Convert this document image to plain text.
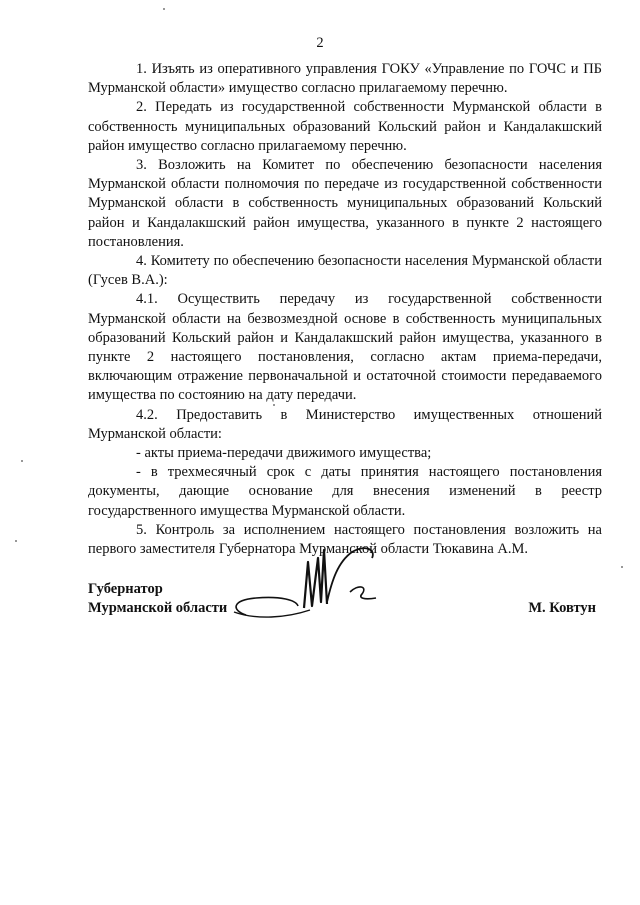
2

1. Изъять из оперативного управления ГОКУ «Управление по ГОЧС и ПБ Мурманской области» имущество согласно прилагаемому перечню.

2. Передать из государственной собственности Мурманской области в собственность муниципальных образований Кольский район и Кандалакшский район имущество согласно прилагаемому перечню.

3. Возложить на Комитет по обеспечению безопасности населения Мурманской области полномочия по передаче из государственной собственности Мурманской области в собственность муниципальных образований Кольский район и Кандалакшский район имущества, указанного в пункте 2 настоящего постановления.

4. Комитету по обеспечению безопасности населения Мурманской области (Гусев В.А.):

4.1. Осуществить передачу из государственной собственности Мурманской области на безвозмездной основе в собственность муниципальных образований Кольский район и Кандалакшский район имущества, указанного в пункте 2 настоящего постановления, согласно актам приема-передачи, включающим отражение первоначальной и остаточной стоимости передаваемого имущества по состоянию на дату передачи.

4.2. Предоставить в Министерство имущественных отношений Мурманской области:

- акты приема-передачи движимого имущества;

- в трехмесячный срок с даты принятия настоящего постановления документы, дающие основание для внесения изменений в реестр государственного имущества Мурманской области.

5. Контроль за исполнением настоящего постановления возложить на первого заместителя Губернатора Мурманской области Тюкавина А.М.

Губернатор
Мурманской области	М. Ковтун
